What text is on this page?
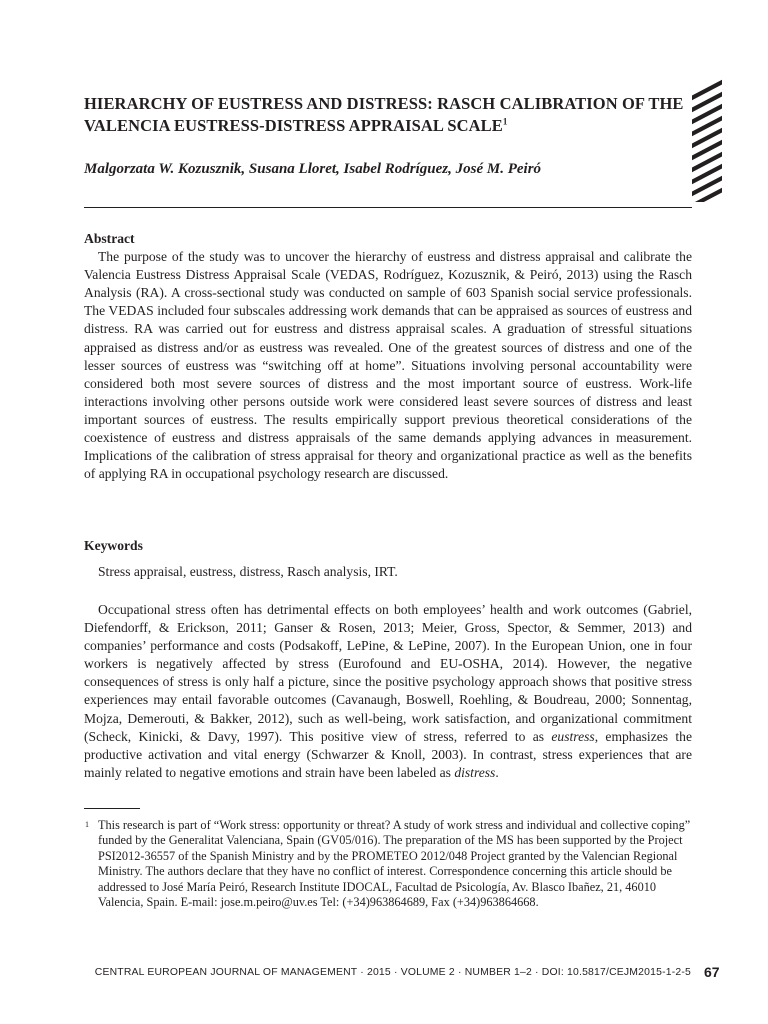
HIERARCHY OF EUSTRESS AND DISTRESS: RASCH CALIBRATION OF THE VALENCIA EUSTRESS-DISTRESS APPRAISAL SCALE$^1$
Malgorzata W. Kozusznik, Susana Lloret, Isabel Rodríguez, José M. Peiró
Abstract

The purpose of the study was to uncover the hierarchy of eustress and distress appraisal and calibrate the Valencia Eustress Distress Appraisal Scale (VEDAS, Rodríguez, Kozusznik, & Peiró, 2013) using the Rasch Analysis (RA). A cross-sectional study was conducted on sample of 603 Spanish social service professionals. The VEDAS included four subscales addressing work demands that can be appraised as sources of eustress and distress. RA was carried out for eustress and distress appraisal scales. A graduation of stressful situations appraised as distress and/or as eustress was revealed. One of the greatest sources of distress and one of the lesser sources of eustress was “switching off at home”. Situations involving personal accountability were considered both most severe sources of distress and the most important source of eustress. Work-life interactions involving other persons outside work were considered least severe sources of distress and least important sources of eustress. The results empirically support previous theoretical considerations of the coexistence of eustress and distress appraisals of the same demands applying advances in measurement. Implications of the calibration of stress appraisal for theory and organizational practice as well as the benefits of applying RA in occupational psychology research are discussed.

Keywords

Stress appraisal, eustress, distress, Rasch analysis, IRT.

Occupational stress often has detrimental effects on both employees’ health and work outcomes (Gabriel, Diefendorff, & Erickson, 2011; Ganser & Rosen, 2013; Meier, Gross, Spector, & Semmer, 2013) and companies’ performance and costs (Podsakoff, LePine, & LePine, 2007). In the European Union, one in four workers is negatively affected by stress (Eurofound and EU-OSHA, 2014). However, the negative consequences of stress is only half a picture, since the positive psychology approach shows that positive stress experiences may entail favorable outcomes (Cavanaugh, Boswell, Roehling, & Boudreau, 2000; Sonnentag, Mojza, Demerouti, & Bakker, 2012), such as well-being, work satisfaction, and organizational commitment (Scheck, Kinicki, & Davy, 1997). This positive view of stress, referred to as eustress, emphasizes the productive activation and vital energy (Schwarzer & Knoll, 2003). In contrast, stress experiences that are mainly related to negative emotions and strain have been labeled as distress.

1 This research is part of “Work stress: opportunity or threat? A study of work stress and individual and collective coping” funded by the Generalitat Valenciana, Spain (GV05/016). The preparation of the MS has been supported by the Project PSI2012-36557 of the Spanish Ministry and by the PROMETEO 2012/048 Project granted by the Valencian Regional Ministry. The authors declare that they have no conflict of interest. Correspondence concerning this article should be addressed to José María Peiró, Research Institute IDOCAL, Facultad de Psicología, Av. Blasco Ibañez, 21, 46010 Valencia, Spain. E-mail: jose.m.peiro@uv.es Tel: (+34)963864689, Fax (+34)963864668.
CENTRAL EUROPEAN JOURNAL OF MANAGEMENT · 2015 · VOLUME 2 · NUMBER 1–2 · DOI: 10.5817/CEJM2015-1-2-5 67
